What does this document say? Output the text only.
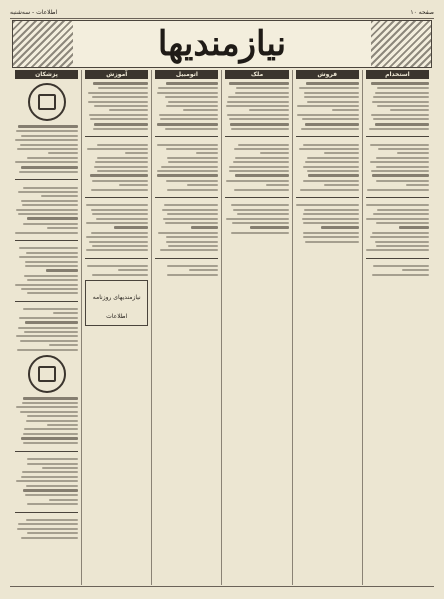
اطلاعات - سه‌شنبه	صفحه ۱۰
نیازمندیها
استخدام
فروش
ملک
اتومبیل
آموزش
نیازمندیهای روزنامه اطلاعات
پزشکان
